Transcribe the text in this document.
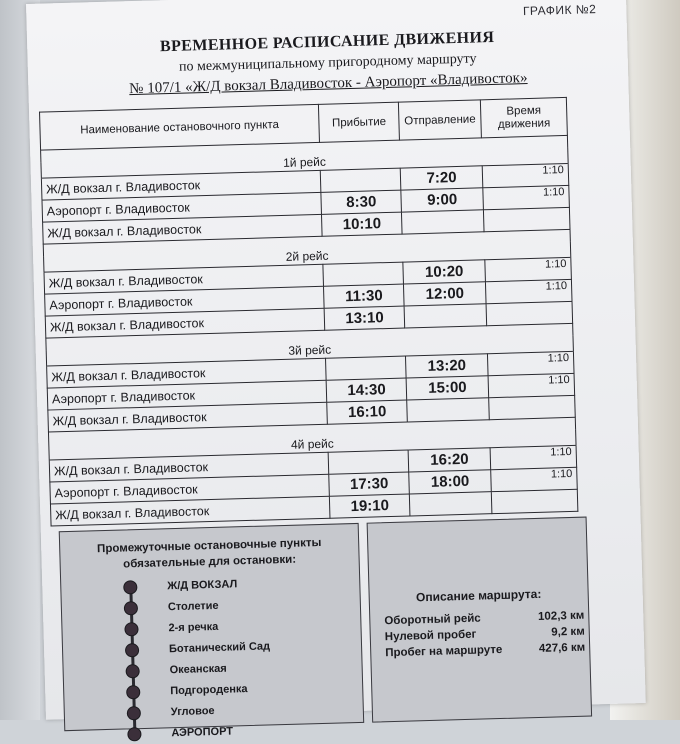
ГРАФИК №2
ВРЕМЕННОЕ РАСПИСАНИЕ ДВИЖЕНИЯ
по межмуниципальному пригородному маршруту
№ 107/1 «Ж/Д вокзал Владивосток - Аэропорт «Владивосток»
Наименование остановочного пункта	Прибытие	Отправление	Время движения

1й рейс			
Ж/Д вокзал г. Владивосток		7:20	1:10
Аэропорт г. Владивосток	8:30	9:00	1:10
Ж/Д вокзал г. Владивосток	10:10		

2й рейс			
Ж/Д вокзал г. Владивосток		10:20	1:10
Аэропорт г. Владивосток	11:30	12:00	1:10
Ж/Д вокзал г. Владивосток	13:10		

3й рейс			
Ж/Д вокзал г. Владивосток		13:20	1:10
Аэропорт г. Владивосток	14:30	15:00	1:10
Ж/Д вокзал г. Владивосток	16:10		

4й рейс			
Ж/Д вокзал г. Владивосток		16:20	1:10
Аэропорт г. Владивосток	17:30	18:00	1:10
Ж/Д вокзал г. Владивосток	19:10		
Промежуточные остановочные пункты
обязательные для остановки:
Ж/Д ВОКЗАЛ
Столетие
2-я речка
Ботанический Сад
Океанская
Подгороденка
Угловое
АЭРОПОРТ
Описание маршрута:
Оборотный рейс	102,3 км
Нулевой пробег	9,2 км
Пробег на маршруте	427,6 км
